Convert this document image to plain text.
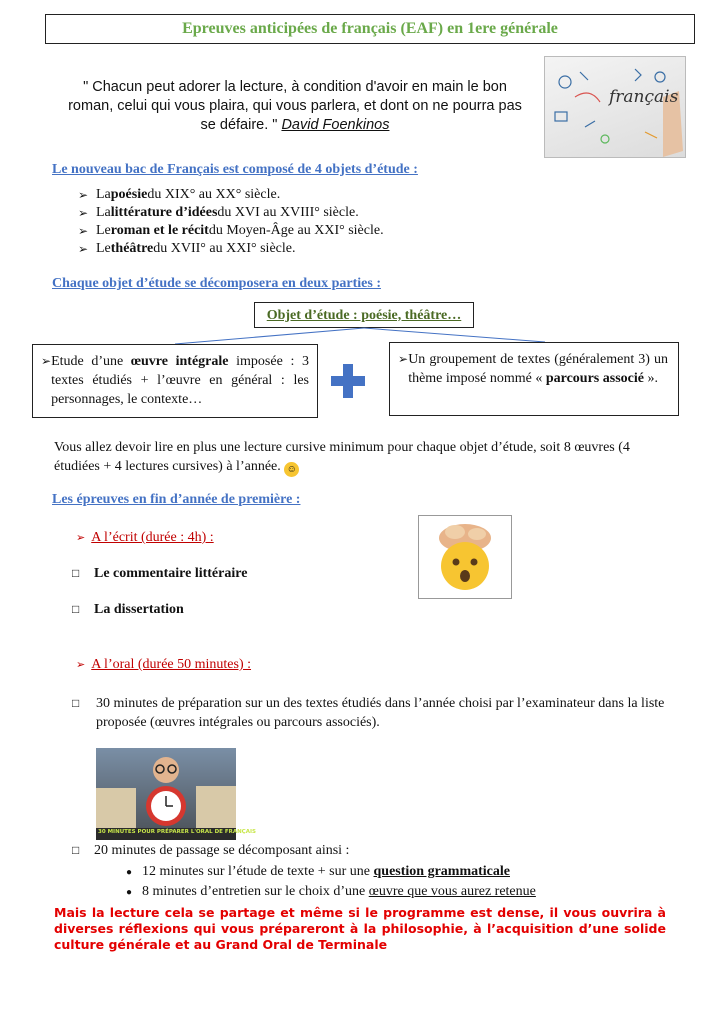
Epreuves anticipées de français (EAF) en 1ere générale
" Chacun peut adorer la lecture, à condition d'avoir en main le bon roman, celui qui vous plaira, qui vous parlera, et dont on ne pourra pas se défaire. " David Foenkinos
français
Le nouveau bac de Français est composé de 4 objets d’étude :
➢ La poésie du XIX° au XX° siècle.
➢ La littérature d’idées du XVI au XVIII° siècle.
➢ Le roman et le récit du Moyen-Âge au XXI° siècle.
➢ Le théâtre du XVII° au XXI° siècle.
Chaque objet d’étude se décomposera en deux parties :
Objet d’étude : poésie, théâtre…
➢ Etude d’une œuvre intégrale imposée : 3 textes étudiés + l’œuvre en général : les personnages, le contexte…
➢ Un groupement de textes (généralement 3) un thème imposé nommé « parcours associé ».
Vous allez devoir lire en plus une lecture cursive minimum pour chaque objet d’étude, soit 8 œuvres (4 étudiées + 4 lectures cursives) à l’année. ☺
Les épreuves en fin d’année de première :
➢ A l’écrit (durée : 4h) :
□ Le commentaire littéraire
□ La dissertation
➢ A l’oral (durée 50 minutes) :
□	30 minutes de préparation sur un des textes étudiés dans l’année choisi par l’examinateur dans la liste proposée (œuvres intégrales ou parcours associés).
30 MINUTES POUR PRÉPARER L'ORAL DE FRANÇAIS
□ 20 minutes de passage se décomposant ainsi :
● 12 minutes sur l’étude de texte + sur une question grammaticale
● 8 minutes d’entretien sur le choix d’une œuvre que vous aurez retenue
Mais la lecture cela se partage et même si le programme est dense, il vous ouvrira à diverses réflexions qui vous prépareront à la philosophie, à l’acquisition d’une solide culture générale et au Grand Oral de Terminale
